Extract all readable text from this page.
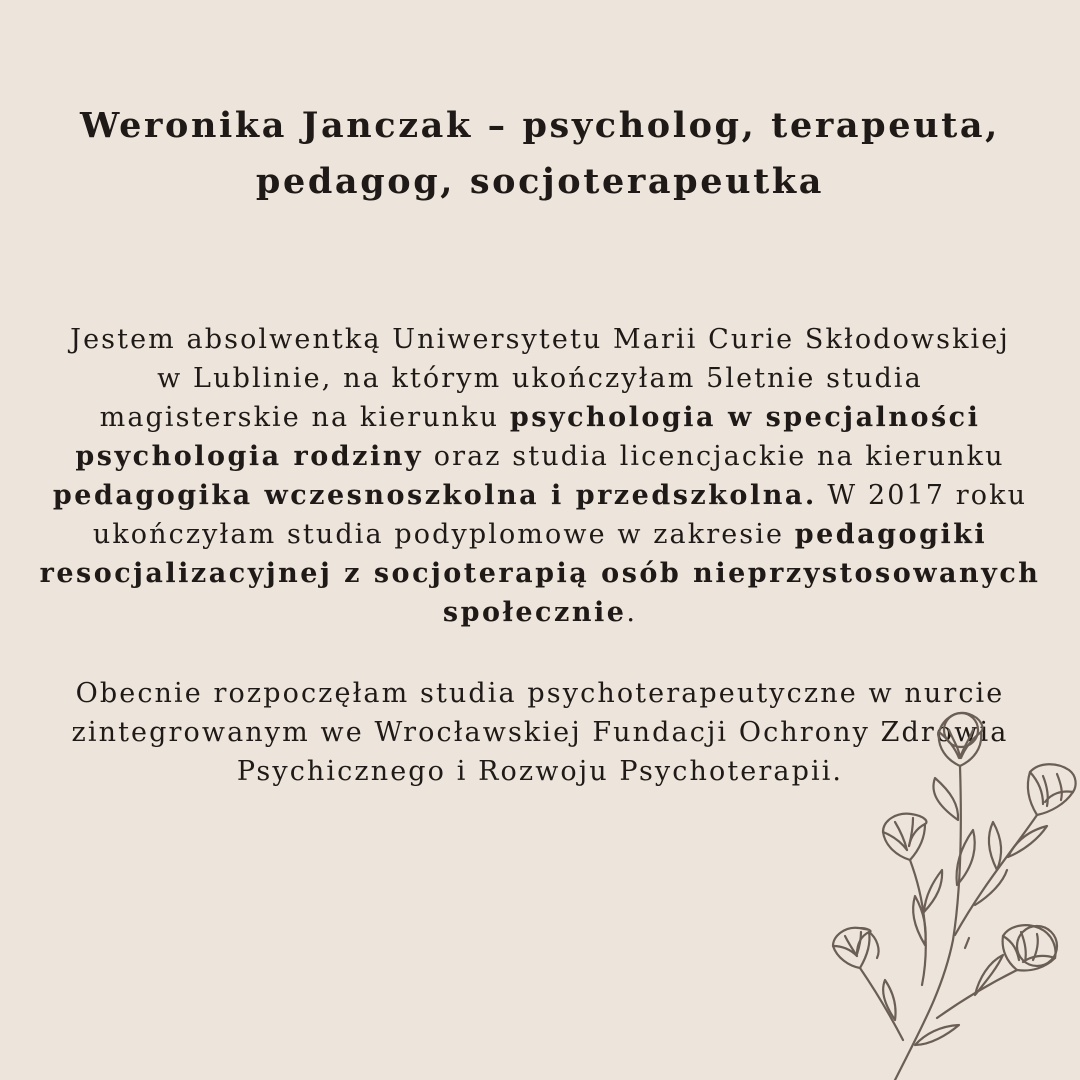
Weronika Janczak – psycholog, terapeuta,
pedagog, socjoterapeutka

Jestem absolwentką Uniwersytetu Marii Curie Skłodowskiej
w Lublinie, na którym ukończyłam 5letnie studia
magisterskie na kierunku psychologia w specjalności
psychologia rodziny oraz studia licencjackie na kierunku
pedagogika wczesnoszkolna i przedszkolna. W 2017 roku
ukończyłam studia podyplomowe w zakresie pedagogiki
resocjalizacyjnej z socjoterapią osób nieprzystosowanych
społecznie.

Obecnie rozpoczęłam studia psychoterapeutyczne w nurcie
zintegrowanym we Wrocławskiej Fundacji Ochrony Zdrowia
Psychicznego i Rozwoju Psychoterapii.
